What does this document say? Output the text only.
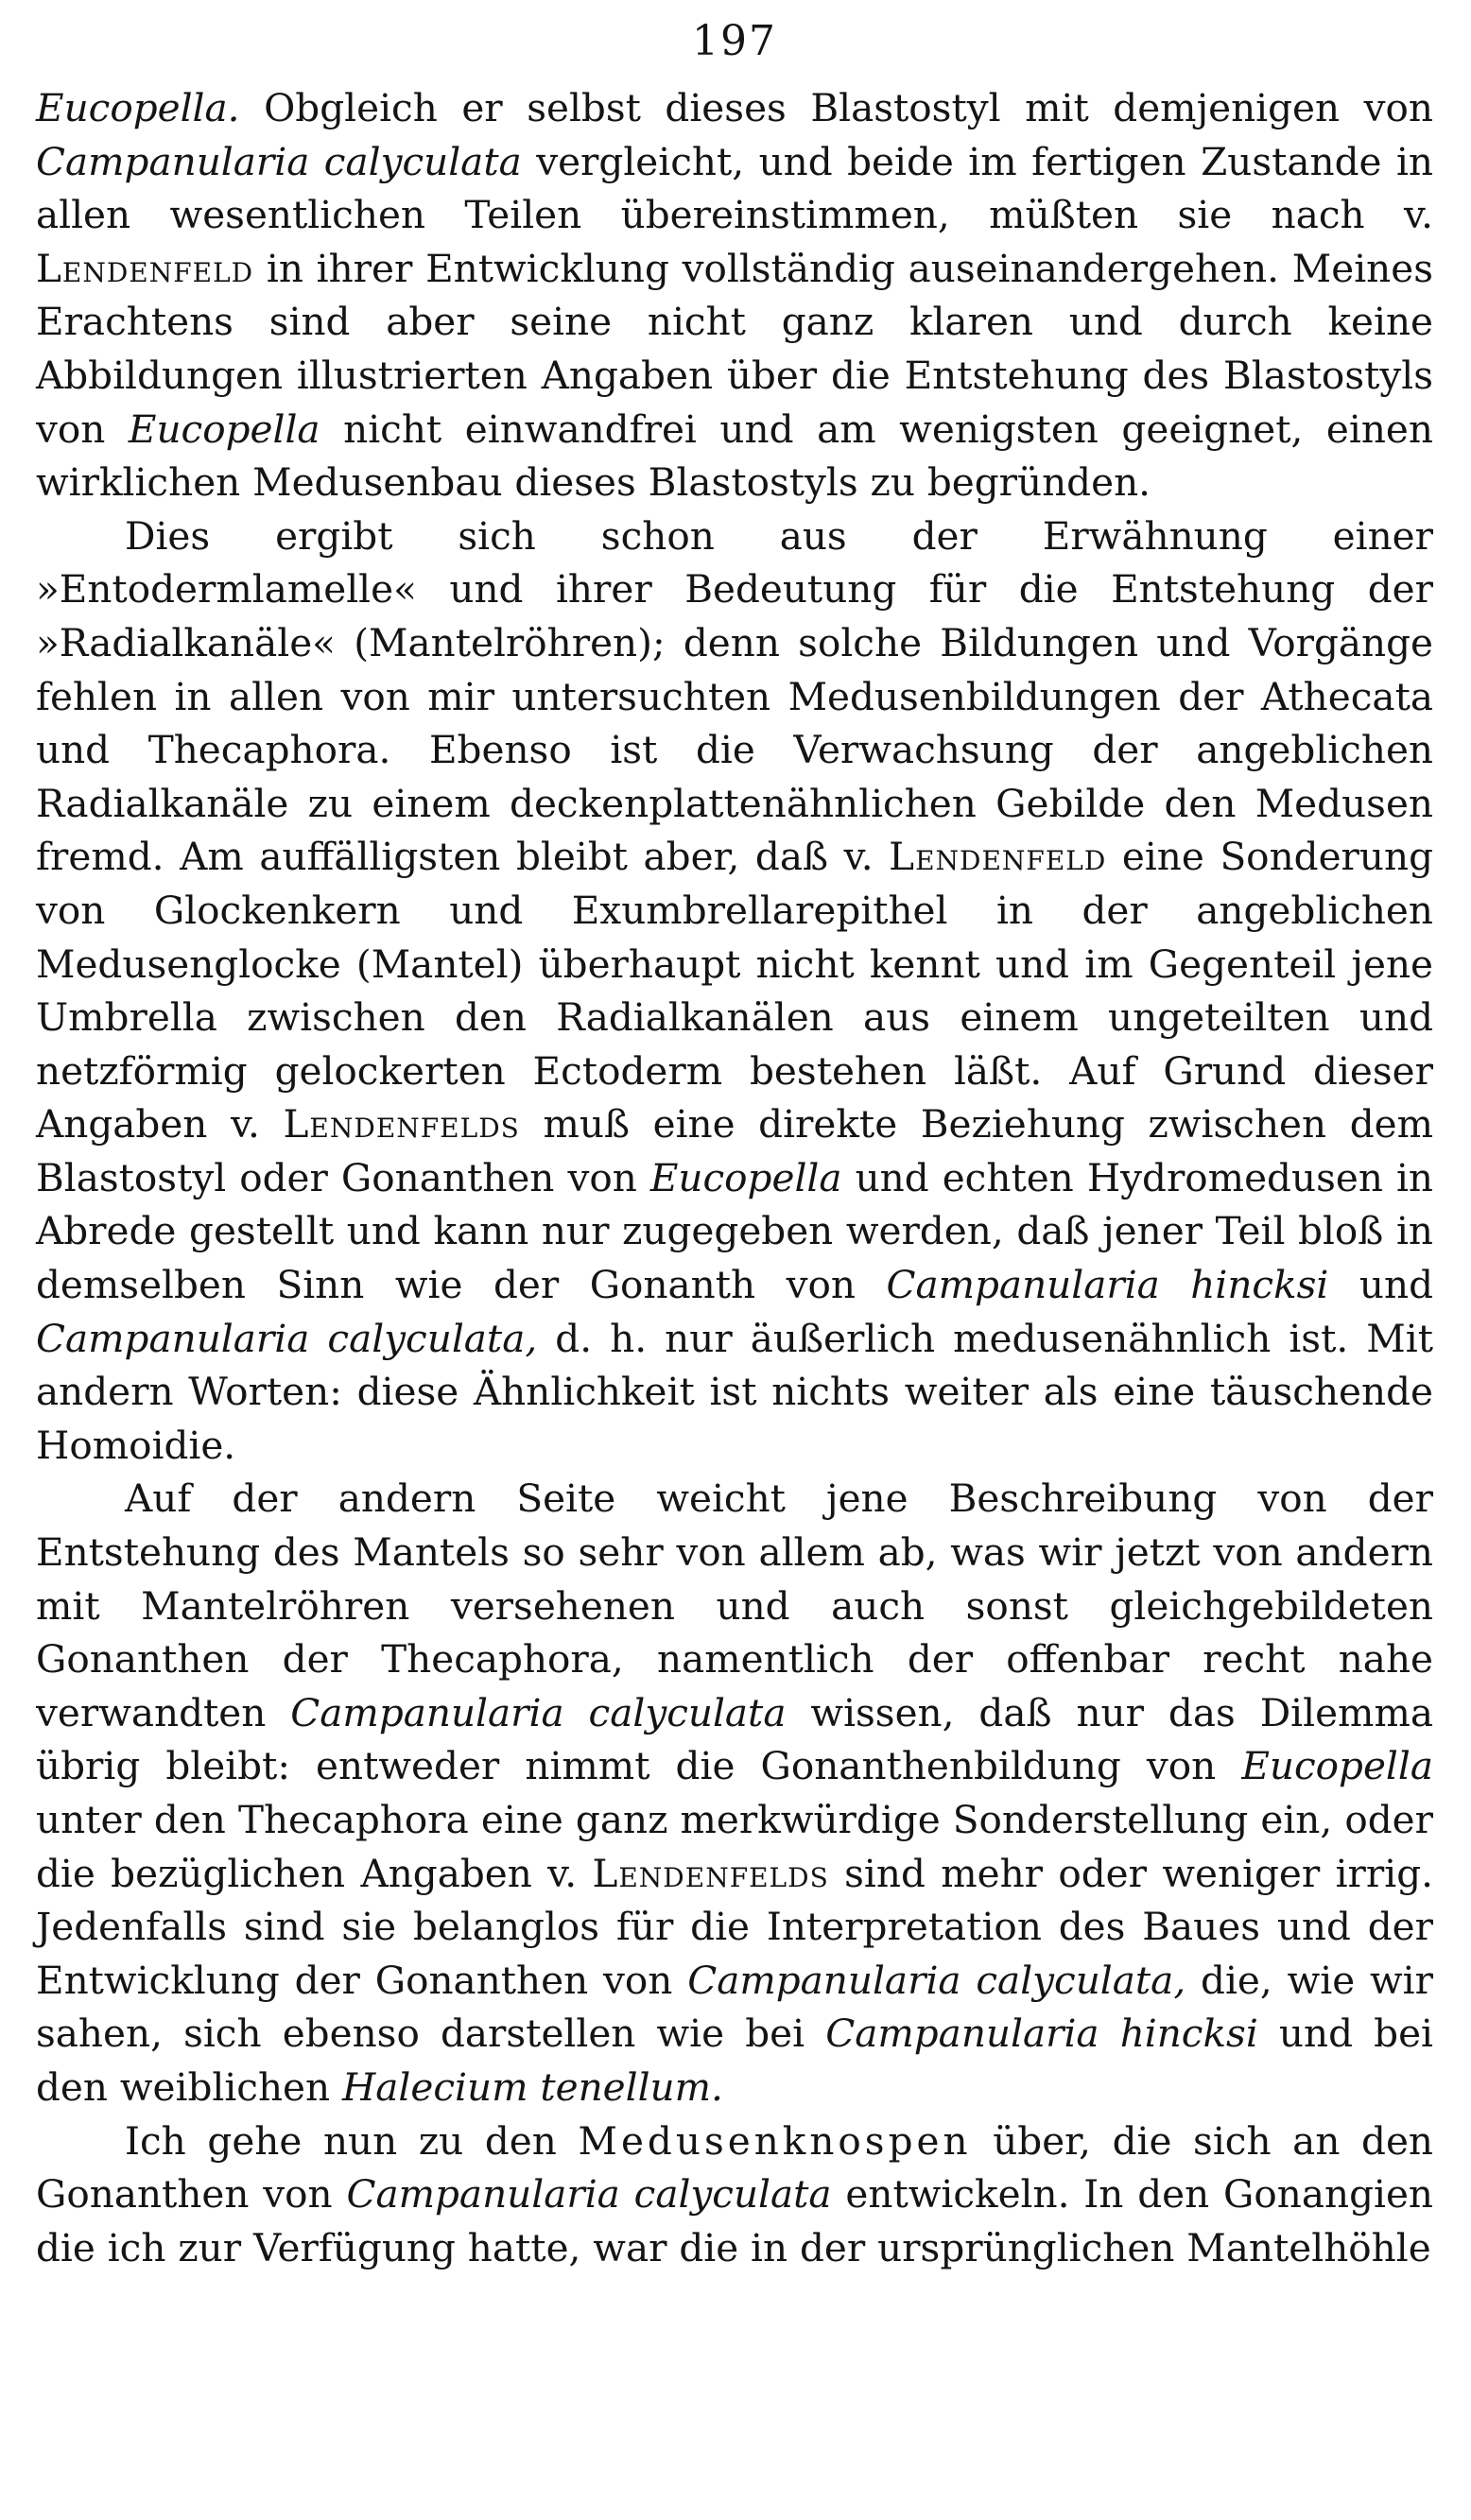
197

Eucopella. Obgleich er selbst dieses Blastostyl mit demjenigen von Campanularia calyculata vergleicht, und beide im fertigen Zustande in allen wesentlichen Teilen übereinstimmen, müßten sie nach v. Lendenfeld in ihrer Entwicklung vollständig auseinandergehen. Meines Erachtens sind aber seine nicht ganz klaren und durch keine Abbildungen illustrierten Angaben über die Entstehung des Blastostyls von Eucopella nicht einwandfrei und am wenigsten geeignet, einen wirklichen Medusenbau dieses Blastostyls zu begründen.

Dies ergibt sich schon aus der Erwähnung einer »Entodermlamelle« und ihrer Bedeutung für die Entstehung der »Radialkanäle« (Mantelröhren); denn solche Bildungen und Vorgänge fehlen in allen von mir untersuchten Medusenbildungen der Athecata und Thecaphora. Ebenso ist die Verwachsung der angeblichen Radialkanäle zu einem deckenplattenähnlichen Gebilde den Medusen fremd. Am auffälligsten bleibt aber, daß v. Lendenfeld eine Sonderung von Glockenkern und Exumbrellarepithel in der angeblichen Medusenglocke (Mantel) überhaupt nicht kennt und im Gegenteil jene Umbrella zwischen den Radialkanälen aus einem ungeteilten und netzförmig gelockerten Ectoderm bestehen läßt. Auf Grund dieser Angaben v. Lendenfelds muß eine direkte Beziehung zwischen dem Blastostyl oder Gonanthen von Eucopella und echten Hydromedusen in Abrede gestellt und kann nur zugegeben werden, daß jener Teil bloß in demselben Sinn wie der Gonanth von Campanularia hincksi und Campanularia calyculata, d. h. nur äußerlich medusenähnlich ist. Mit andern Worten: diese Ähnlichkeit ist nichts weiter als eine täuschende Homoidie.

Auf der andern Seite weicht jene Beschreibung von der Entstehung des Mantels so sehr von allem ab, was wir jetzt von andern mit Mantelröhren versehenen und auch sonst gleichgebildeten Gonanthen der Thecaphora, namentlich der offenbar recht nahe verwandten Campanularia calyculata wissen, daß nur das Dilemma übrig bleibt: entweder nimmt die Gonanthenbildung von Eucopella unter den Thecaphora eine ganz merkwürdige Sonderstellung ein, oder die bezüglichen Angaben v. Lendenfelds sind mehr oder weniger irrig. Jedenfalls sind sie belanglos für die Interpretation des Baues und der Entwicklung der Gonanthen von Campanularia calyculata, die, wie wir sahen, sich ebenso darstellen wie bei Campanularia hincksi und bei den weiblichen Halecium tenellum.

Ich gehe nun zu den Medusenknospen über, die sich an den Gonanthen von Campanularia calyculata entwickeln. In den Gonangien die ich zur Verfügung hatte, war die in der ursprünglichen Mantelhöhle
